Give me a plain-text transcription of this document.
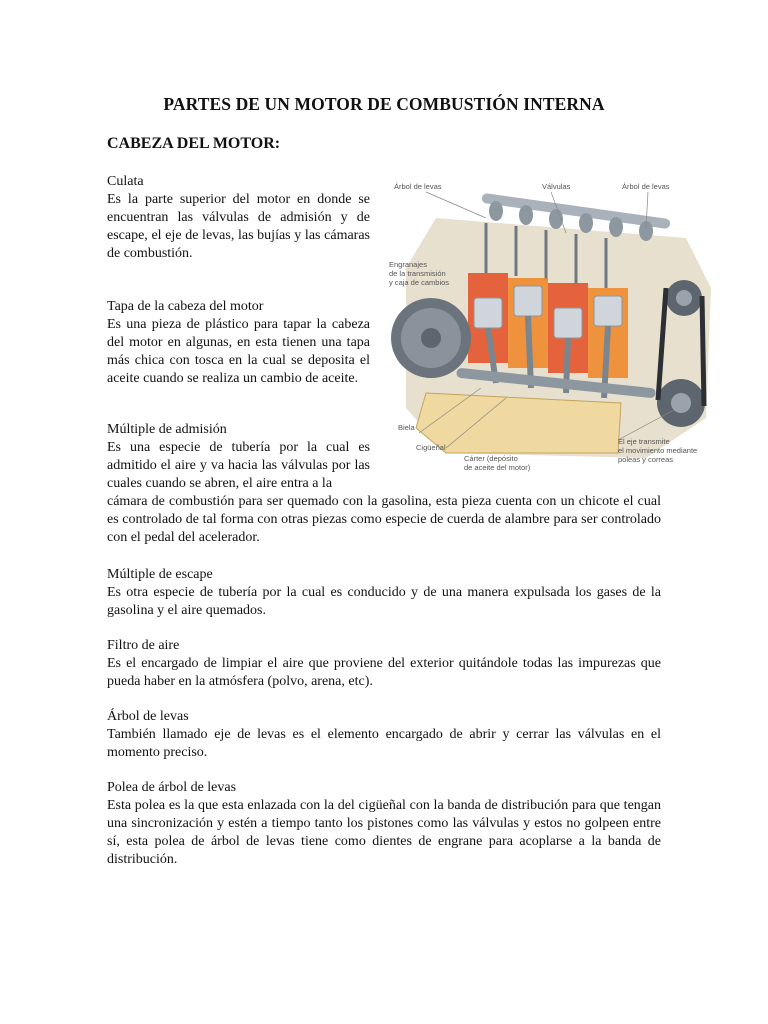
PARTES DE UN MOTOR DE COMBUSTIÓN INTERNA
CABEZA DEL MOTOR:
Culata
Es la parte superior del motor en donde se encuentran las válvulas de admisión y de escape, el eje de levas, las bujías y las cámaras de combustión.
Tapa de la cabeza del motor
Es una pieza de plástico para tapar la cabeza del motor en algunas, en esta tienen una tapa más chica con tosca en la cual se deposita el aceite cuando se realiza un cambio de aceite.
Múltiple de admisión
Es una especie de tubería por la cual es admitido el aire y va hacia las válvulas por las cuales cuando se abren, el aire entra a la
cámara de combustión para ser quemado con la gasolina, esta pieza cuenta con un chicote el cual es controlado de tal forma con otras piezas como especie de cuerda de alambre para ser controlado con el pedal del acelerador.
Múltiple de escape
Es otra especie de tubería por la cual es conducido y de una manera expulsada los gases de la gasolina y el aire quemados.
Filtro de aire
Es el encargado de limpiar el aire que proviene del exterior quitándole todas las impurezas que pueda haber en la atmósfera (polvo, arena, etc).
Árbol de levas
También llamado eje de levas es el elemento encargado de abrir y cerrar las válvulas en el momento preciso.
Polea de árbol de levas
Esta polea es la que esta enlazada con la del cigüeñal con la banda de distribución para que tengan una sincronización y estén a tiempo tanto los pistones como las válvulas y estos no golpeen entre sí, esta polea de árbol de levas tiene como dientes de engrane para acoplarse a la banda de distribución.
Árbol de levas	Válvulas	Árbol de levas
Engranajes
de la transmisión
y caja de cambios
Biela
Cigüeñal
Cárter (depósito
de aceite del motor)
El eje transmite
el movimiento mediante
poleas y correas
